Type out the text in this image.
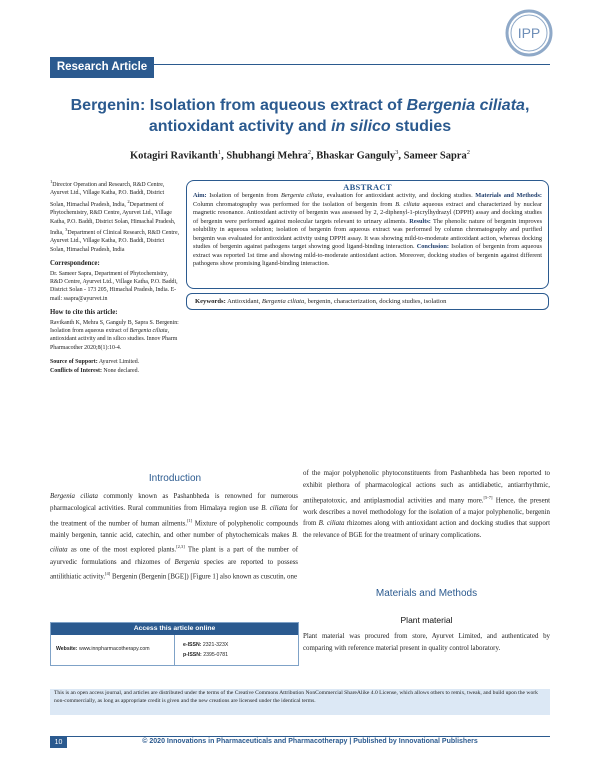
IPP
Research Article
Bergenin: Isolation from aqueous extract of Bergenia ciliata,
antioxidant activity and in silico studies
Kotagiri Ravikanth$^1$, Shubhangi Mehra$^2$, Bhaskar Ganguly$^3$, Sameer Sapra$^2$

$^1$Director Operation and Research, R&D Centre, Ayurvet Ltd., Village Katha, P.O. Baddi, District Solan, Himachal Pradesh, India, $^2$Department of Phytochemistry, R&D Centre, Ayurvet Ltd., Village Katha, P.O. Baddi, District Solan, Himachal Pradesh, India, $^3$Department of Clinical Research, R&D Centre, Ayurvet Ltd., Village Katha, P.O. Baddi, District Solan, Himachal Pradesh, India

Correspondence:
Dr. Sameer Sapra, Department of Phytochemistry, R&D Centre, Ayurvet Ltd., Village Katha, P.O. Baddi, District Solan - 173 205, Himachal Pradesh, India. E-mail: ssapra@ayurvet.in
How to cite this article:
Ravikanth K, Mehra S, Ganguly B, Sapra S. Bergenin: Isolation from aqueous extract of Bergenia ciliata, antioxidant activity and in silico studies. Innov Pharm Pharmacother 2020;8(1):10-4.
Source of Support: Ayurvet Limited.
Conflicts of Interest: None declared.
ABSTRACT
Aim: Isolation of bergenin from Bergenia ciliata, evaluation for antioxidant activity, and docking studies. Materials and Methods: Column chromatography was performed for the isolation of bergenin from B. ciliata aqueous extract and characterized by nuclear magnetic resonance. Antioxidant activity of bergenin was assessed by 2, 2-diphenyl-1-picrylhydrazyl (DPPH) assay and docking studies of bergenin were performed against molecular targets relevant to urinary ailments. Results: The phenolic nature of bergenin improves solubility in aqueous solution; isolation of bergenin from aqueous extract was performed by column chromatography and purified bergenin was evaluated for antioxidant activity using DPPH assay. It was showing mild-to-moderate antioxidant action, whereas docking studies of bergenin against pathogens target showing good ligand-binding interaction. Conclusion: Isolation of bergenin from aqueous extract was reported 1st time and showing mild-to-moderate antioxidant action. Moreover, docking studies of bergenin against different pathogens show promising ligand-binding interaction.
Keywords: Antioxidant, Bergenia ciliata, bergenin, characterization, docking studies, isolation
Introduction
Bergenia ciliata commonly known as Pashanbheda is renowned for numerous pharmacological activities. Rural communities from Himalaya region use B. ciliata for the treatment of the number of human ailments.[1] Mixture of polyphenolic compounds mainly bergenin, tannic acid, catechin, and other number of phytochemicals makes B. ciliata as one of the most explored plants.[2,3] The plant is a part of the number of ayurvedic formulations and rhizomes of Bergenia species are reported to possess antilithiatic activity.[4] Bergenin (Bergenin [BGE]) [Figure 1] also known as cuscutin, one
of the major polyphenolic phytoconstituents from Pashanbheda has been reported to exhibit plethora of pharmacological actions such as antidiabetic, antiarrhythmic, antihepatotoxic, and antiplasmodial activities and many more.[5-7] Hence, the present work describes a novel methodology for the isolation of a major polyphenolic, bergenin from B. ciliata rhizomes along with antioxidant action and docking studies that support the relevance of BGE for the treatment of urinary complications.
Materials and Methods
Plant material
Plant material was procured from store, Ayurvet Limited, and authenticated by comparing with reference material present in quality control laboratory.
Access this article online
Website: www.innpharmacotherapy.com
e-ISSN: 2321-323X
p-ISSN: 2395-0781
This is an open access journal, and articles are distributed under the terms of the Creative Commons Attribution NonCommercial ShareAlike 4.0 License, which allows others to remix, tweak, and build upon the work non-commercially, as long as appropriate credit is given and the new creations are licensed under the identical terms.
10	© 2020 Innovations in Pharmaceuticals and Pharmacotherapy | Published by Innovational Publishers
